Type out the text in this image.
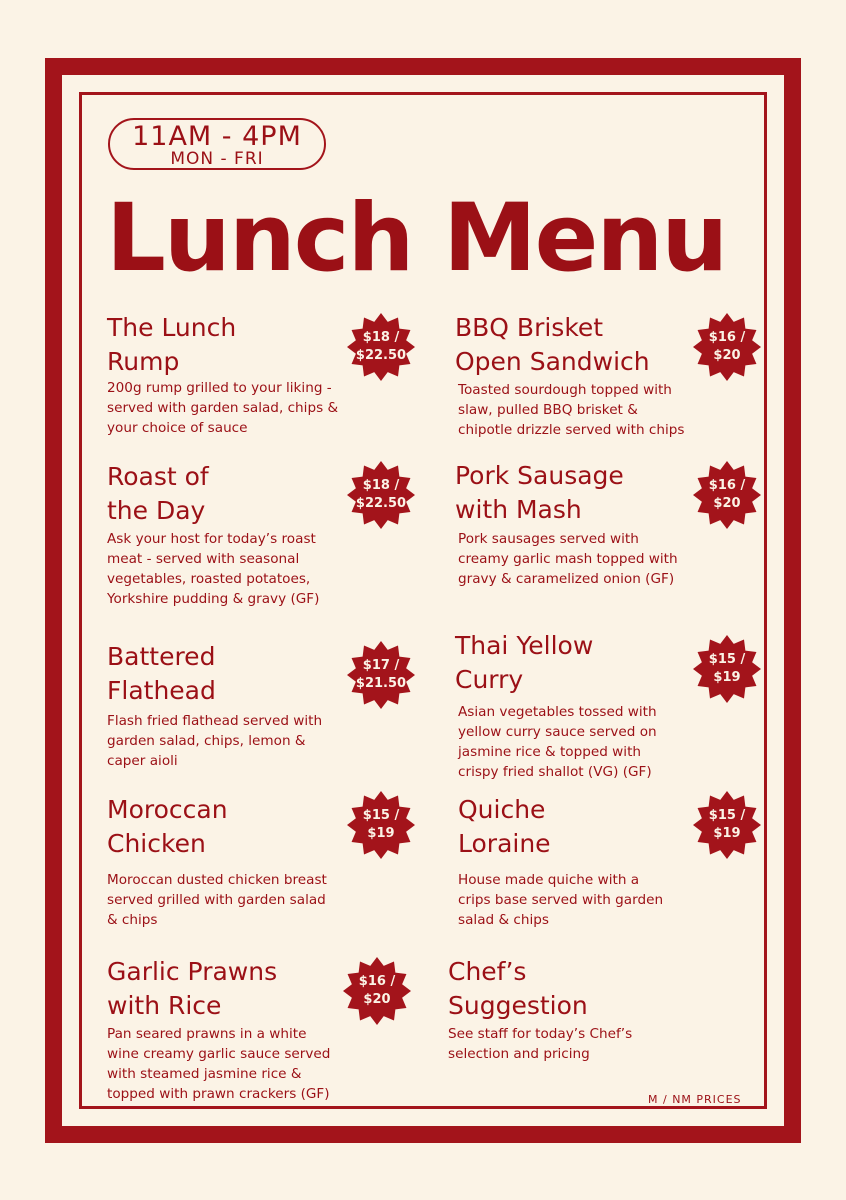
11AM - 4PM
MON - FRI
Lunch Menu

The Lunch
Rump

$18 /
$22.50

200g rump grilled to your liking -
served with garden salad, chips &
your choice of sauce

BBQ Brisket
Open Sandwich

$16 /
$20

Toasted sourdough topped with
slaw, pulled BBQ brisket &
chipotle drizzle served with chips

Roast of
the Day

$18 /
$22.50

Ask your host for today’s roast
meat - served with seasonal
vegetables, roasted potatoes,
Yorkshire pudding & gravy (GF)

Pork Sausage
with Mash

$16 /
$20

Pork sausages served with
creamy garlic mash topped with
gravy & caramelized onion (GF)

Battered
Flathead

$17 /
$21.50

Flash fried flathead served with
garden salad, chips, lemon &
caper aioli

Thai Yellow
Curry

$15 /
$19

Asian vegetables tossed with
yellow curry sauce served on
jasmine rice & topped with
crispy fried shallot (VG) (GF)

Moroccan
Chicken

$15 /
$19

Moroccan dusted chicken breast
served grilled with garden salad
& chips

Quiche
Loraine

$15 /
$19

House made quiche with a
crips base served with garden
salad & chips

Garlic Prawns
with Rice

$16 /
$20

Pan seared prawns in a white
wine creamy garlic sauce served
with steamed jasmine rice &
topped with prawn crackers (GF)

Chef’s
Suggestion

See staff for today’s Chef’s
selection and pricing

M / NM PRICES
